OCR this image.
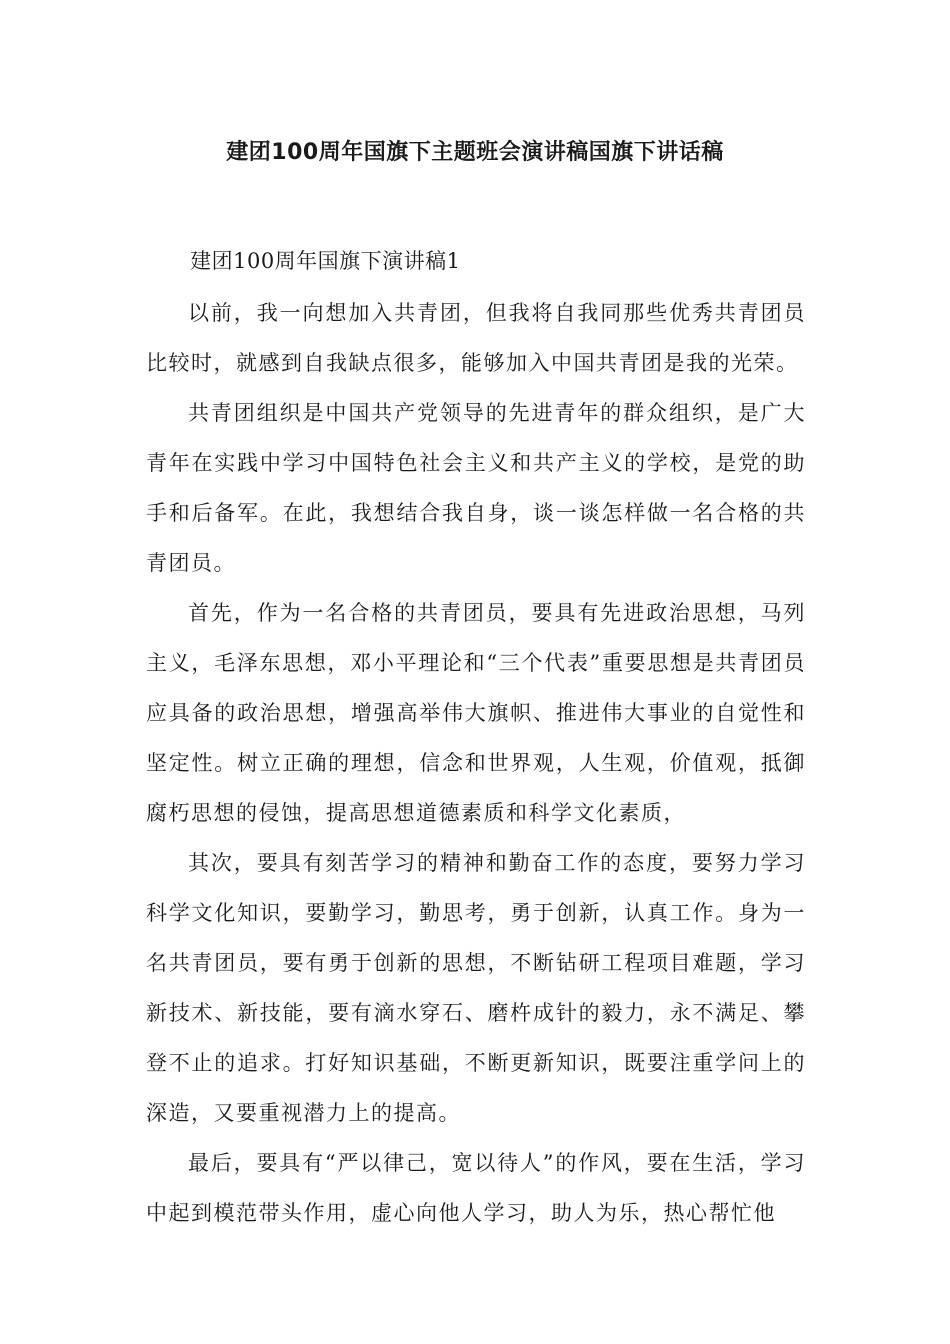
建团100周年国旗下主题班会演讲稿国旗下讲话稿

建团100周年国旗下演讲稿1

以前，我一向想加入共青团，但我将自我同那些优秀共青团员比较时，就感到自我缺点很多，能够加入中国共青团是我的光荣。

共青团组织是中国共产党领导的先进青年的群众组织，是广大青年在实践中学习中国特色社会主义和共产主义的学校，是党的助手和后备军。在此，我想结合我自身，谈一谈怎样做一名合格的共青团员。

首先，作为一名合格的共青团员，要具有先进政治思想，马列主义，毛泽东思想，邓小平理论和“三个代表”重要思想是共青团员应具备的政治思想，增强高举伟大旗帜、推进伟大事业的自觉性和坚定性。树立正确的理想，信念和世界观，人生观，价值观，抵御腐朽思想的侵蚀，提高思想道德素质和科学文化素质，

其次，要具有刻苦学习的精神和勤奋工作的态度，要努力学习科学文化知识，要勤学习，勤思考，勇于创新，认真工作。身为一名共青团员，要有勇于创新的思想，不断钻研工程项目难题，学习新技术、新技能，要有滴水穿石、磨杵成针的毅力，永不满足、攀登不止的追求。打好知识基础，不断更新知识，既要注重学问上的深造，又要重视潜力上的提高。

最后，要具有“严以律己，宽以待人”的作风，要在生活，学习中起到模范带头作用，虚心向他人学习，助人为乐，热心帮忙他
